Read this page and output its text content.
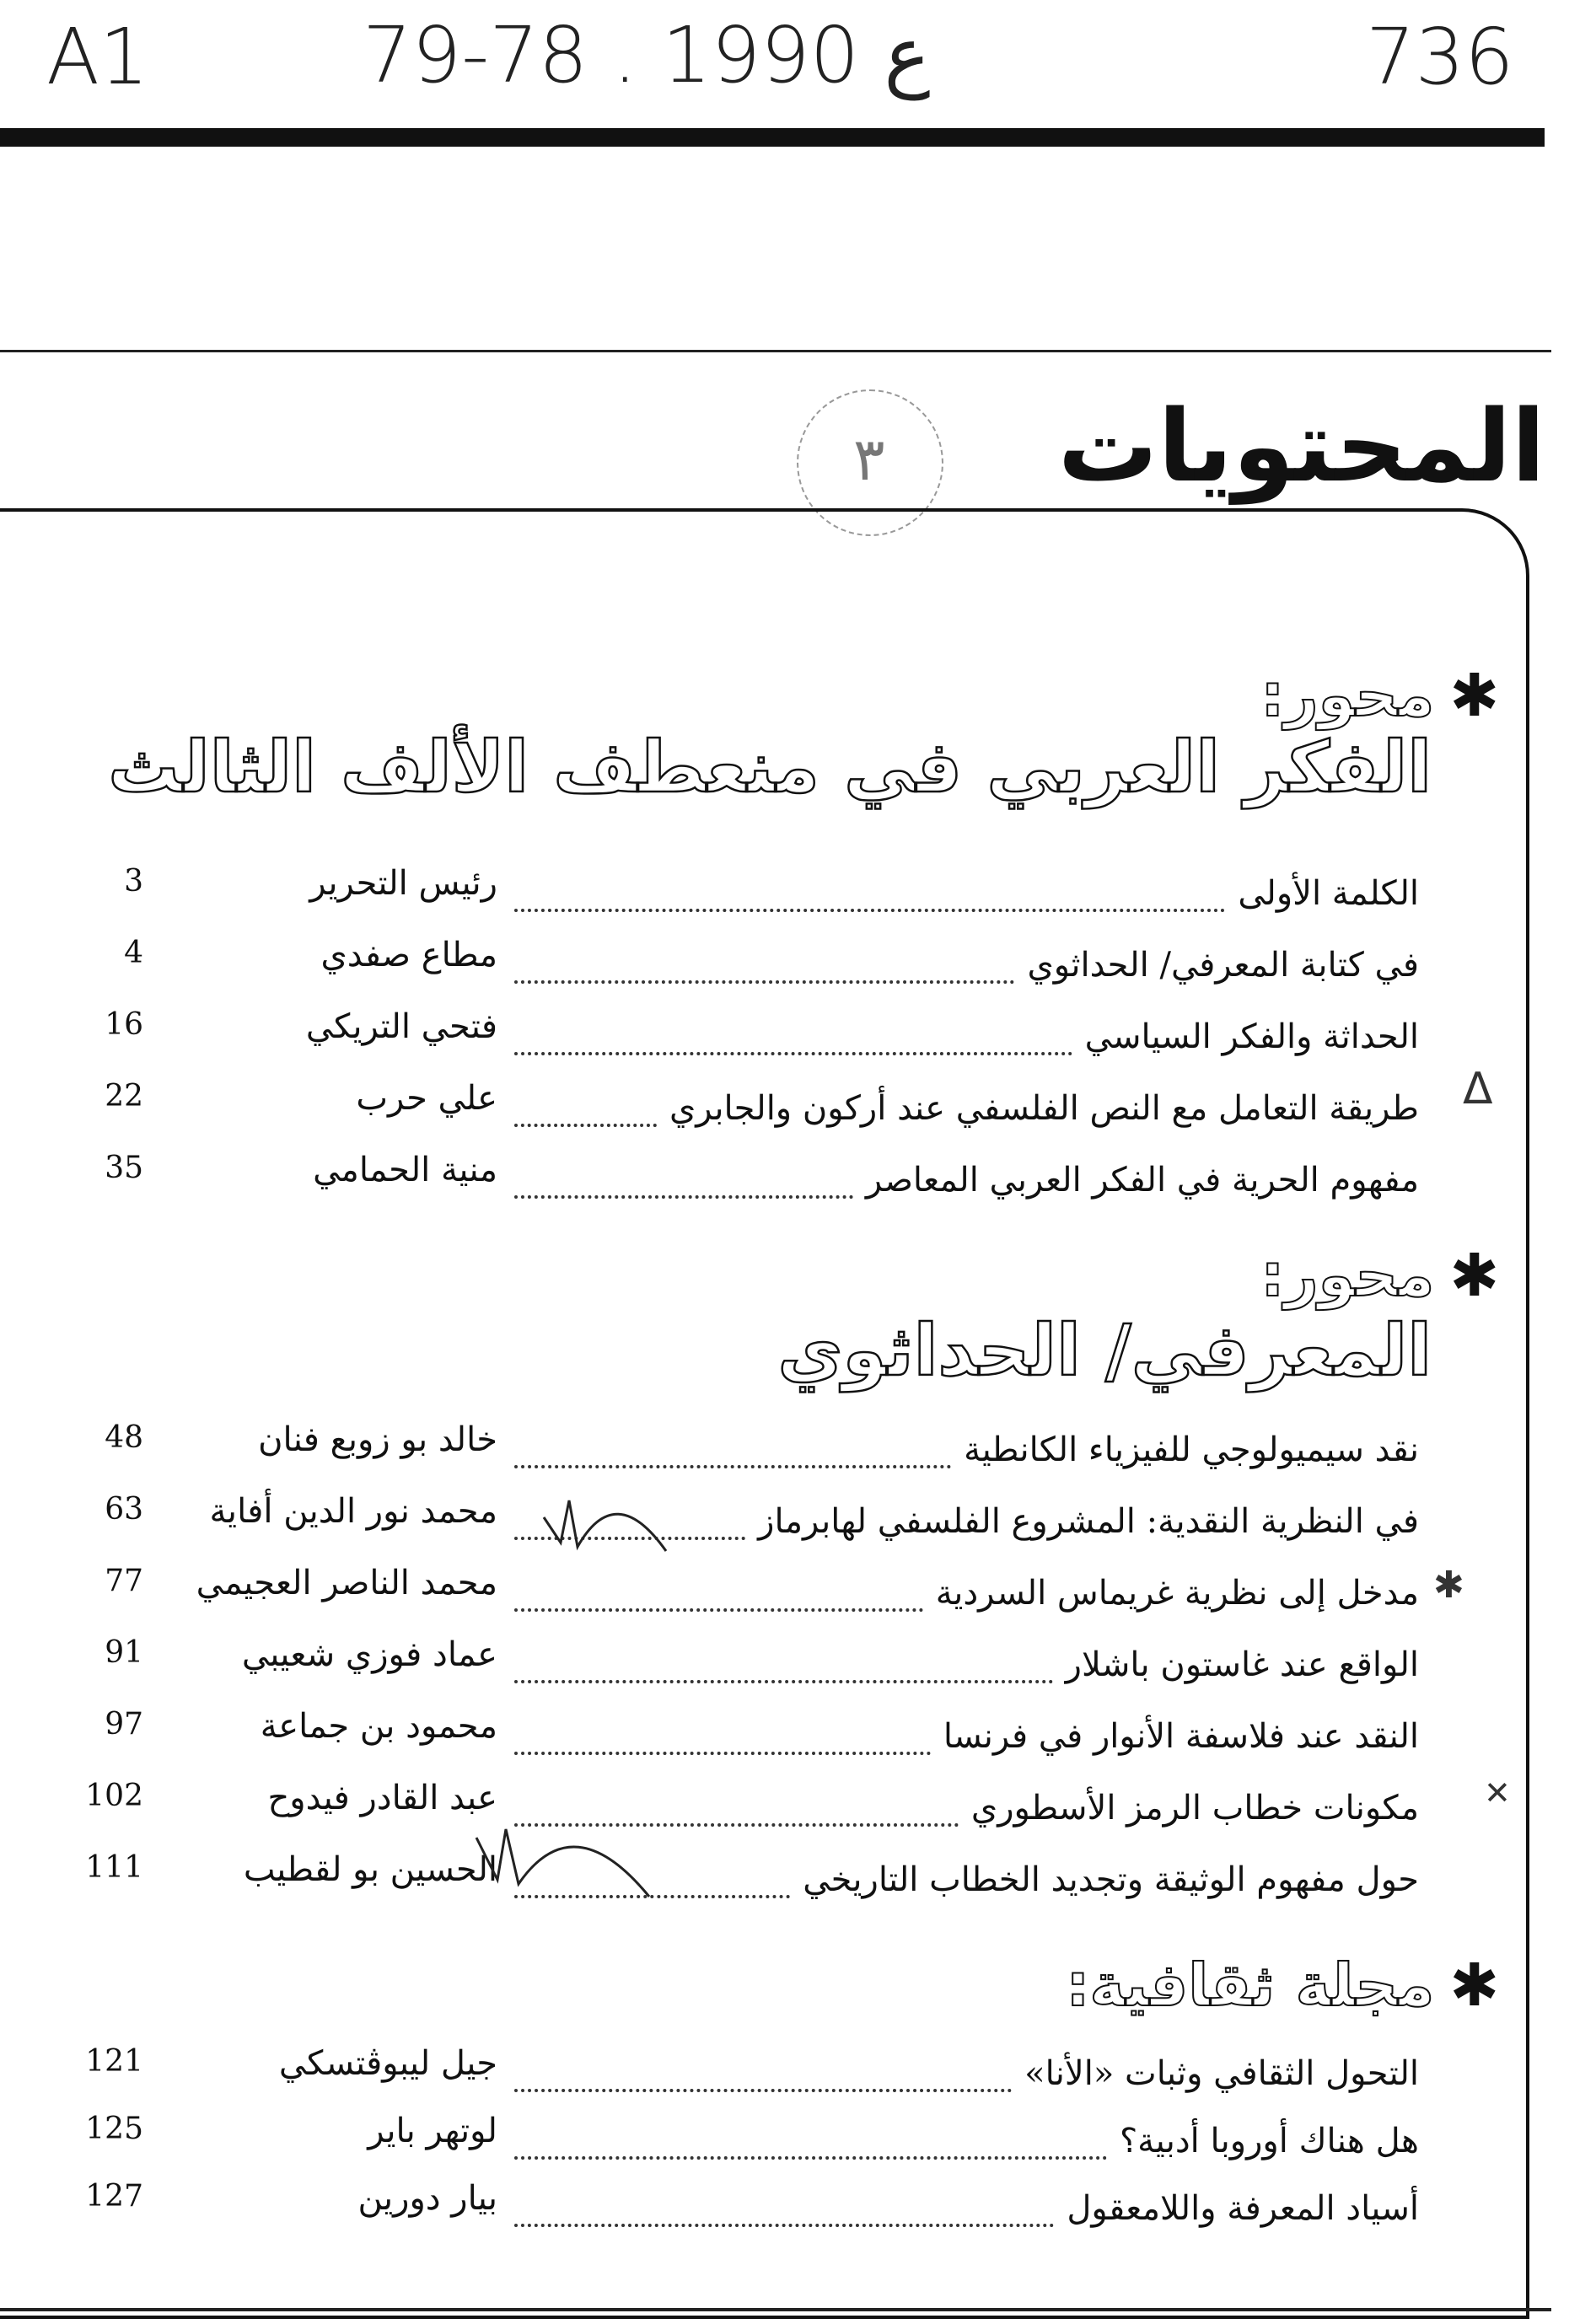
A1	79-78 . ع 1990	736
٣ المحتويات
✱محور:
الفكر العربي في منعطف الألف الثالث
الكلمة الأولى
رئيس التحرير
3
في كتابة المعرفي/ الحداثوي
مطاع صفدي
4
الحداثة والفكر السياسي
فتحي التريكي
16
طريقة التعامل مع النص الفلسفي عند أركون والجابري
علي حرب
22
مفهوم الحرية في الفكر العربي المعاصر
منية الحمامي
35
✱محور:
المعرفي/ الحداثوي
نقد سيميولوجي للفيزياء الكانطية
خالد بو زوبع فنان
48
في النظرية النقدية: المشروع الفلسفي لهابرماز
محمد نور الدين أفاية
63
مدخل إلى نظرية غريماس السردية
محمد الناصر العجيمي
77
الواقع عند غاستون باشلار
عماد فوزي شعيبي
91
النقد عند فلاسفة الأنوار في فرنسا
محمود بن جماعة
97
مكونات خطاب الرمز الأسطوري
عبد القادر فيدوح
102
حول مفهوم الوثيقة وتجديد الخطاب التاريخي
الحسين بو لقطيب
111
✱مجلة ثقافية:
التحول الثقافي وثبات «الأنا»
جيل ليبوڤتسكي
121
هل هناك أوروبا أدبية؟
لوتهر باير
125
أسياد المعرفة واللامعقول
بيار دورين
127
Δ
✱
✕
